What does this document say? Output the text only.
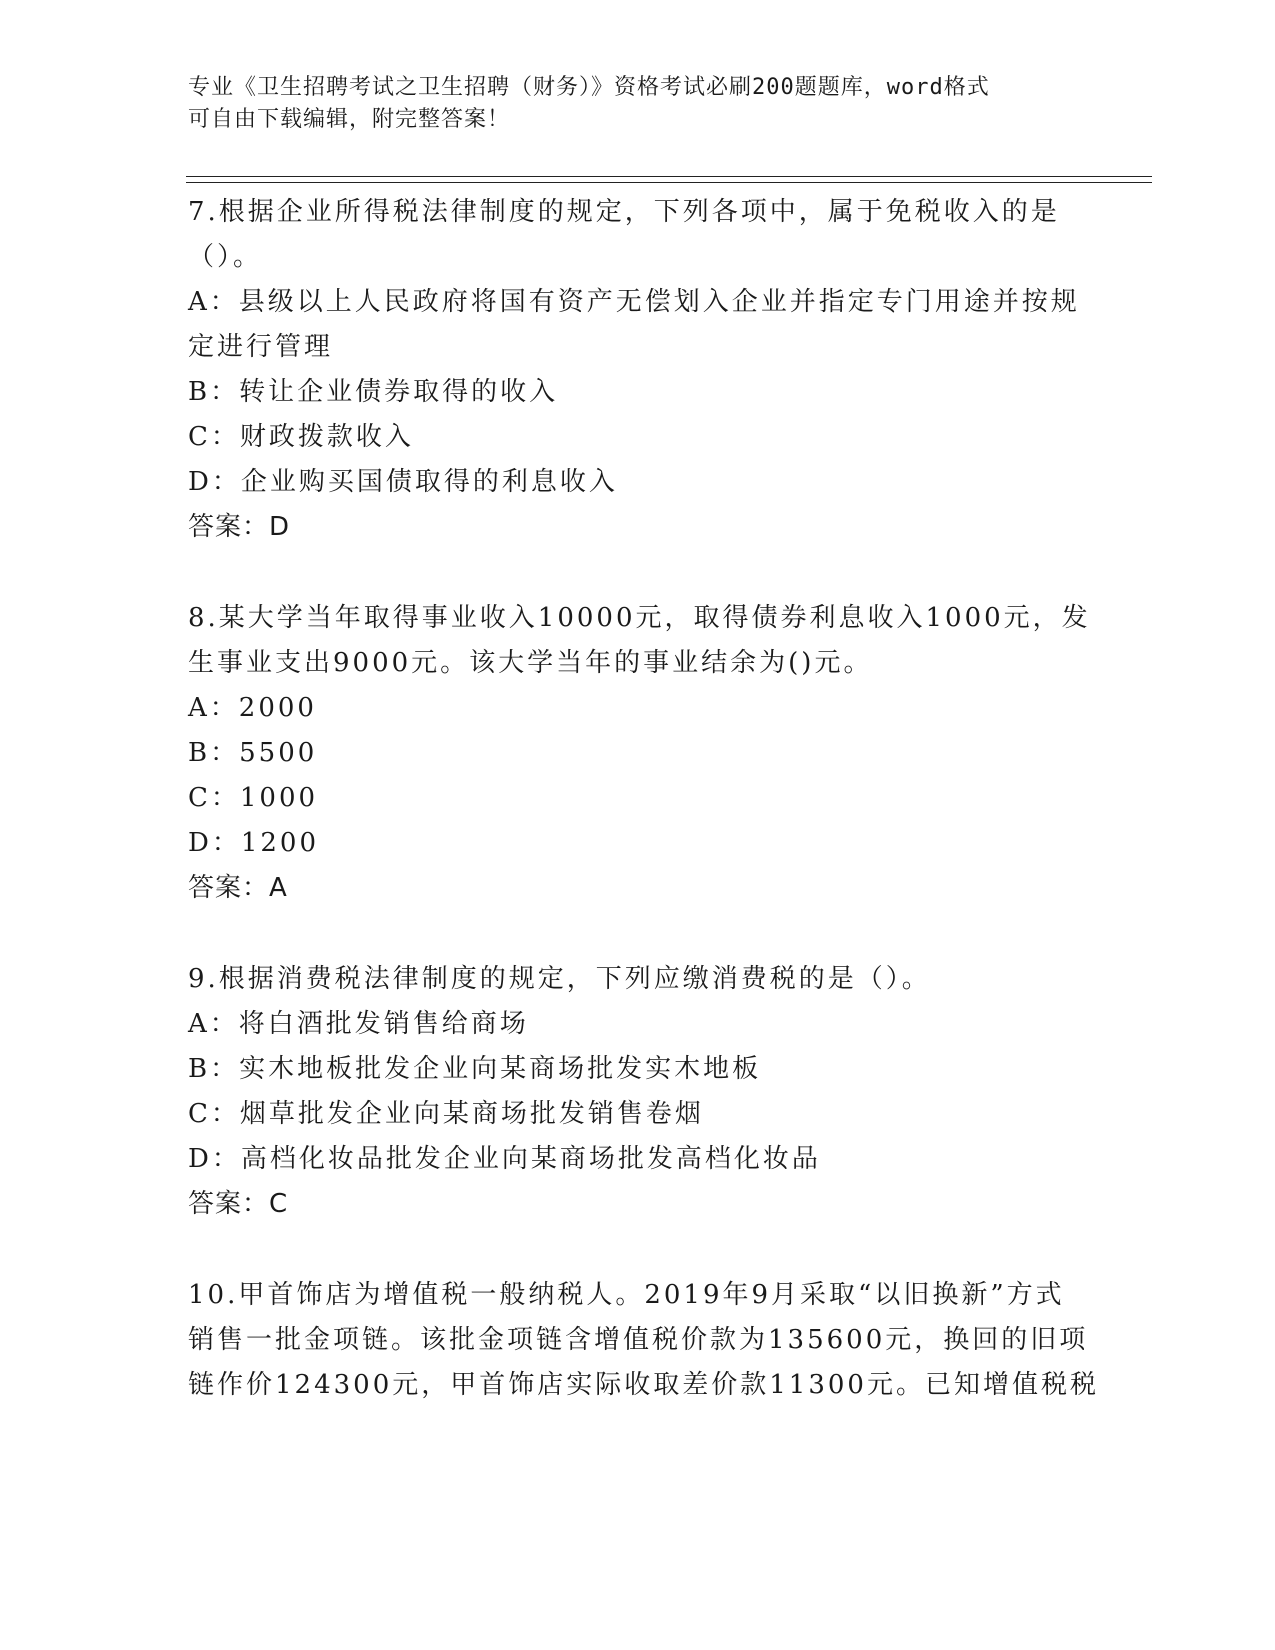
专业《卫生招聘考试之卫生招聘（财务）》资格考试必刷200题题库，word格式
可自由下载编辑，附完整答案！
7.根据企业所得税法律制度的规定，下列各项中，属于免税收入的是
（）。
A：县级以上人民政府将国有资产无偿划入企业并指定专门用途并按规
定进行管理
B：转让企业债券取得的收入
C：财政拨款收入
D：企业购买国债取得的利息收入
答案：D
8.某大学当年取得事业收入10000元，取得债券利息收入1000元，发
生事业支出9000元。该大学当年的事业结余为()元。
A：2000
B：5500
C：1000
D：1200
答案：A
9.根据消费税法律制度的规定，下列应缴消费税的是（）。
A：将白酒批发销售给商场
B：实木地板批发企业向某商场批发实木地板
C：烟草批发企业向某商场批发销售卷烟
D：高档化妆品批发企业向某商场批发高档化妆品
答案：C
10.甲首饰店为增值税一般纳税人。2019年9月采取“以旧换新”方式
销售一批金项链。该批金项链含增值税价款为135600元，换回的旧项
链作价124300元，甲首饰店实际收取差价款11300元。已知增值税税
